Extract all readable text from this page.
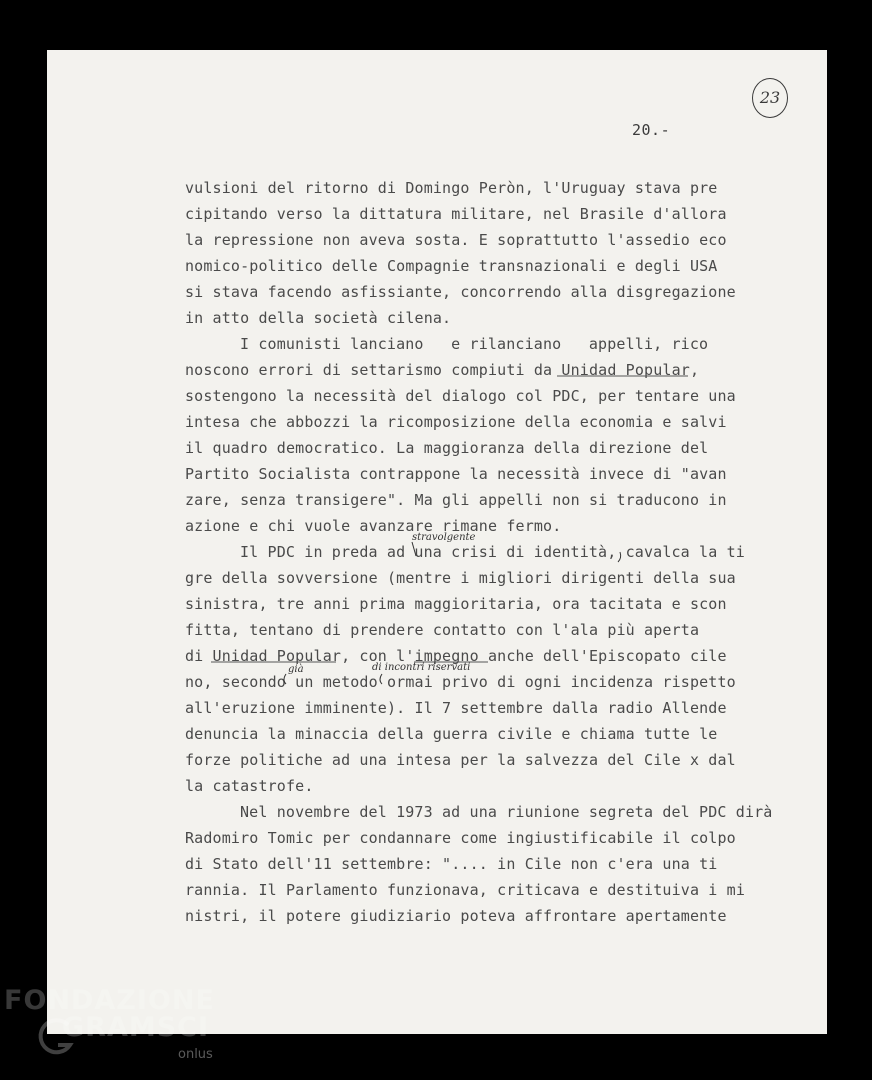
23
20.-
vulsioni del ritorno di Domingo Peròn, l'Uruguay stava pre
cipitando verso la dittatura militare, nel Brasile d'allora
la repressione non aveva sosta. E soprattutto l'assedio eco
nomico-politico delle Compagnie transnazionali e degli USA
si stava facendo asfissiante, concorrendo alla disgregazione
in atto della società cilena.
I comunisti lanciano   e rilanciano   appelli, rico
noscono errori di settarismo compiuti da Unidad Popular,
sostengono la necessità del dialogo col PDC, per tentare una
intesa che abbozzi la ricomposizione della economia e salvi
il quadro democratico. La maggioranza della direzione del
Partito Socialista contrappone la necessità invece di "avan
zare, senza transigere". Ma gli appelli non si traducono in
azione e chi vuole avanzare rimane fermo.
Il PDC in preda ad una crisi di identità, cavalca la ti
gre della sovversione (mentre i migliori dirigenti della sua
sinistra, tre anni prima maggioritaria, ora tacitata e scon
fitta, tentano di prendere contatto con l'ala più aperta
di Unidad Popular, con l'impegno anche dell'Episcopato cile
no, secondo un metodo ormai privo di ogni incidenza rispetto
all'eruzione imminente). Il 7 settembre dalla radio Allende
denuncia la minaccia della guerra civile e chiama tutte le
forze politiche ad una intesa per la salvezza del Cile x dal
la catastrofe.
Nel novembre del 1973 ad una riunione segreta del PDC dirà
Radomiro Tomic per condannare come ingiustificabile il colpo
di Stato dell'11 settembre: ".... in Cile non c'era una ti
rannia. Il Parlamento funzionava, criticava e destituiva i mi
nistri, il potere giudiziario poteva affrontare apertamente
stravolgente
già	di incontri riservati
FONDAZIONE
GRAMSCI
onlus
